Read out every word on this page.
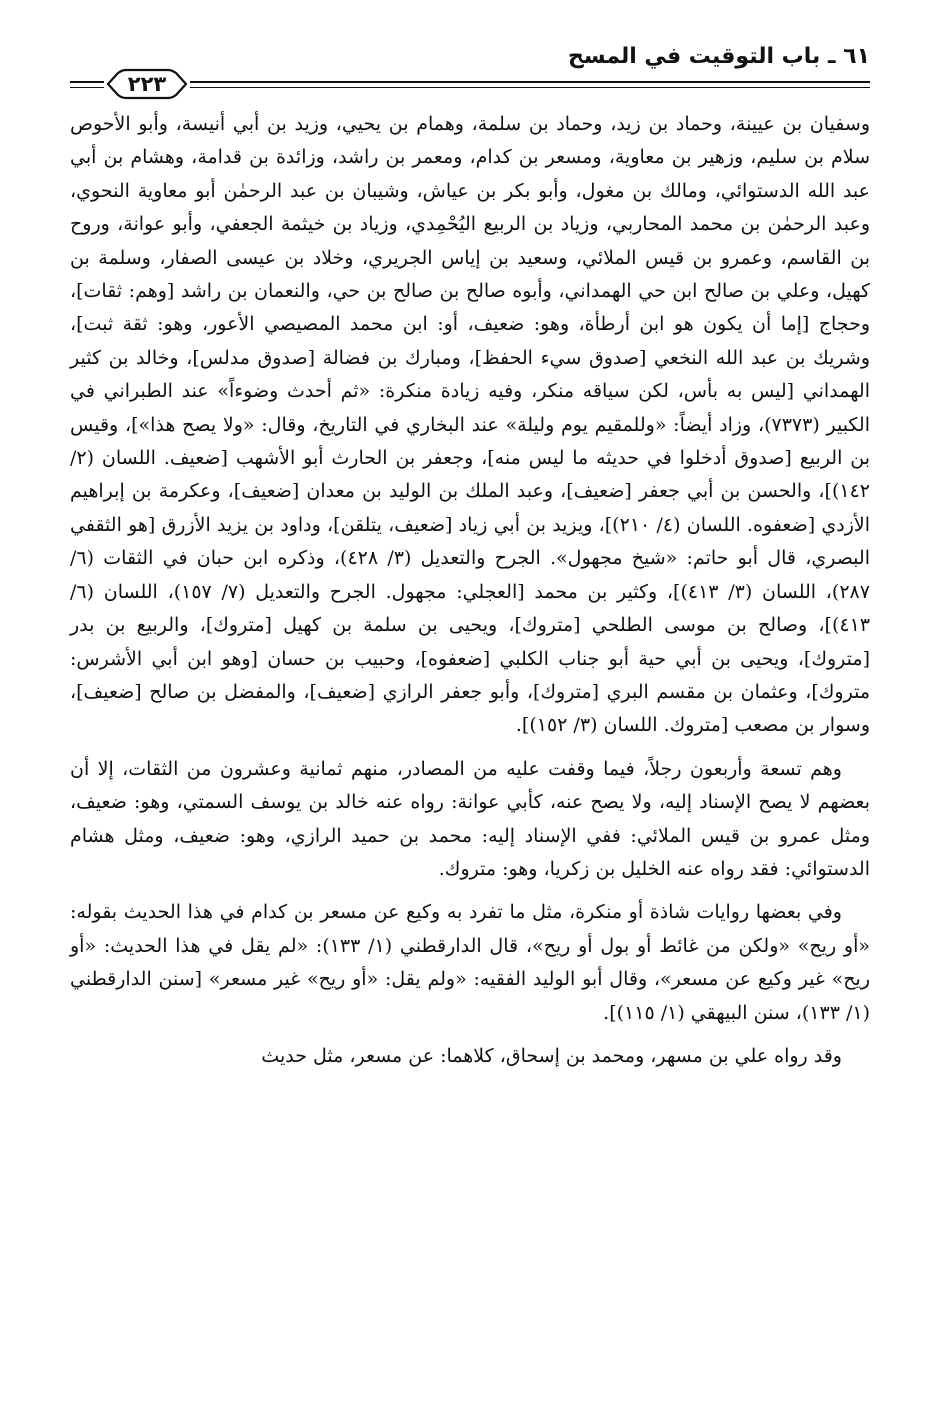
٦١ ـ باب التوقيت في المسح
٢٢٣

وسفيان بن عيينة، وحماد بن زيد، وحماد بن سلمة، وهمام بن يحيي، وزيد بن أبي أنيسة، وأبو الأحوص سلام بن سليم، وزهير بن معاوية، ومسعر بن كدام، ومعمر بن راشد، وزائدة بن قدامة، وهشام بن أبي عبد الله الدستوائي، ومالك بن مغول، وأبو بكر بن عياش، وشيبان بن عبد الرحمٰن أبو معاوية النحوي، وعبد الرحمٰن بن محمد المحاربي، وزياد بن الربيع اليُحْمِدي، وزياد بن خيثمة الجعفي، وأبو عوانة، وروح بن القاسم، وعمرو بن قيس الملائي، وسعيد بن إياس الجريري، وخلاد بن عيسى الصفار، وسلمة بن كهيل، وعلي بن صالح ابن حي الهمداني، وأبوه صالح بن صالح بن حي، والنعمان بن راشد [وهم: ثقات]، وحجاج [إما أن يكون هو ابن أرطأة، وهو: ضعيف، أو: ابن محمد المصيصي الأعور، وهو: ثقة ثبت]، وشريك بن عبد الله النخعي [صدوق سيء الحفظ]، ومبارك بن فضالة [صدوق مدلس]، وخالد بن كثير الهمداني [ليس به بأس، لكن سياقه منكر، وفيه زيادة منكرة: «ثم أحدث وضوءاً» عند الطبراني في الكبير (٧٣٧٣)، وزاد أيضاً: «وللمقيم يوم وليلة» عند البخاري في التاريخ، وقال: «ولا يصح هذا»]، وقيس بن الربيع [صدوق أدخلوا في حديثه ما ليس منه]، وجعفر بن الحارث أبو الأشهب [ضعيف. اللسان (٢/ ١٤٢)]، والحسن بن أبي جعفر [ضعيف]، وعبد الملك بن الوليد بن معدان [ضعيف]، وعكرمة بن إبراهيم الأزدي [ضعفوه. اللسان (٤/ ٢١٠)]، ويزيد بن أبي زياد [ضعيف، يتلقن]، وداود بن يزيد الأزرق [هو الثقفي البصري، قال أبو حاتم: «شيخ مجهول». الجرح والتعديل (٣/ ٤٢٨)، وذكره ابن حبان في الثقات (٦/ ٢٨٧)، اللسان (٣/ ٤١٣)]، وكثير بن محمد [العجلي: مجهول. الجرح والتعديل (٧/ ١٥٧)، اللسان (٦/ ٤١٣)]، وصالح بن موسى الطلحي [متروك]، ويحيى بن سلمة بن كهيل [متروك]، والربيع بن بدر [متروك]، ويحيى بن أبي حية أبو جناب الكلبي [ضعفوه]، وحبيب بن حسان [وهو ابن أبي الأشرس: متروك]، وعثمان بن مقسم البري [متروك]، وأبو جعفر الرازي [ضعيف]، والمفضل بن صالح [ضعيف]، وسوار بن مصعب [متروك. اللسان (٣/ ١٥٢)].

وهم تسعة وأربعون رجلاً، فيما وقفت عليه من المصادر، منهم ثمانية وعشرون من الثقات، إلا أن بعضهم لا يصح الإسناد إليه، ولا يصح عنه، كأبي عوانة: رواه عنه خالد بن يوسف السمتي، وهو: ضعيف، ومثل عمرو بن قيس الملائي: ففي الإسناد إليه: محمد بن حميد الرازي، وهو: ضعيف، ومثل هشام الدستوائي: فقد رواه عنه الخليل بن زكريا، وهو: متروك.

وفي بعضها روايات شاذة أو منكرة، مثل ما تفرد به وكيع عن مسعر بن كدام في هذا الحديث بقوله: «أو ريح» «ولكن من غائط أو بول أو ريح»، قال الدارقطني (١/ ١٣٣): «لم يقل في هذا الحديث: «أو ريح» غير وكيع عن مسعر»، وقال أبو الوليد الفقيه: «ولم يقل: «أو ريح» غير مسعر» [سنن الدارقطني (١/ ١٣٣)، سنن البيهقي (١/ ١١٥)].

وقد رواه علي بن مسهر، ومحمد بن إسحاق، كلاهما: عن مسعر، مثل حديث
